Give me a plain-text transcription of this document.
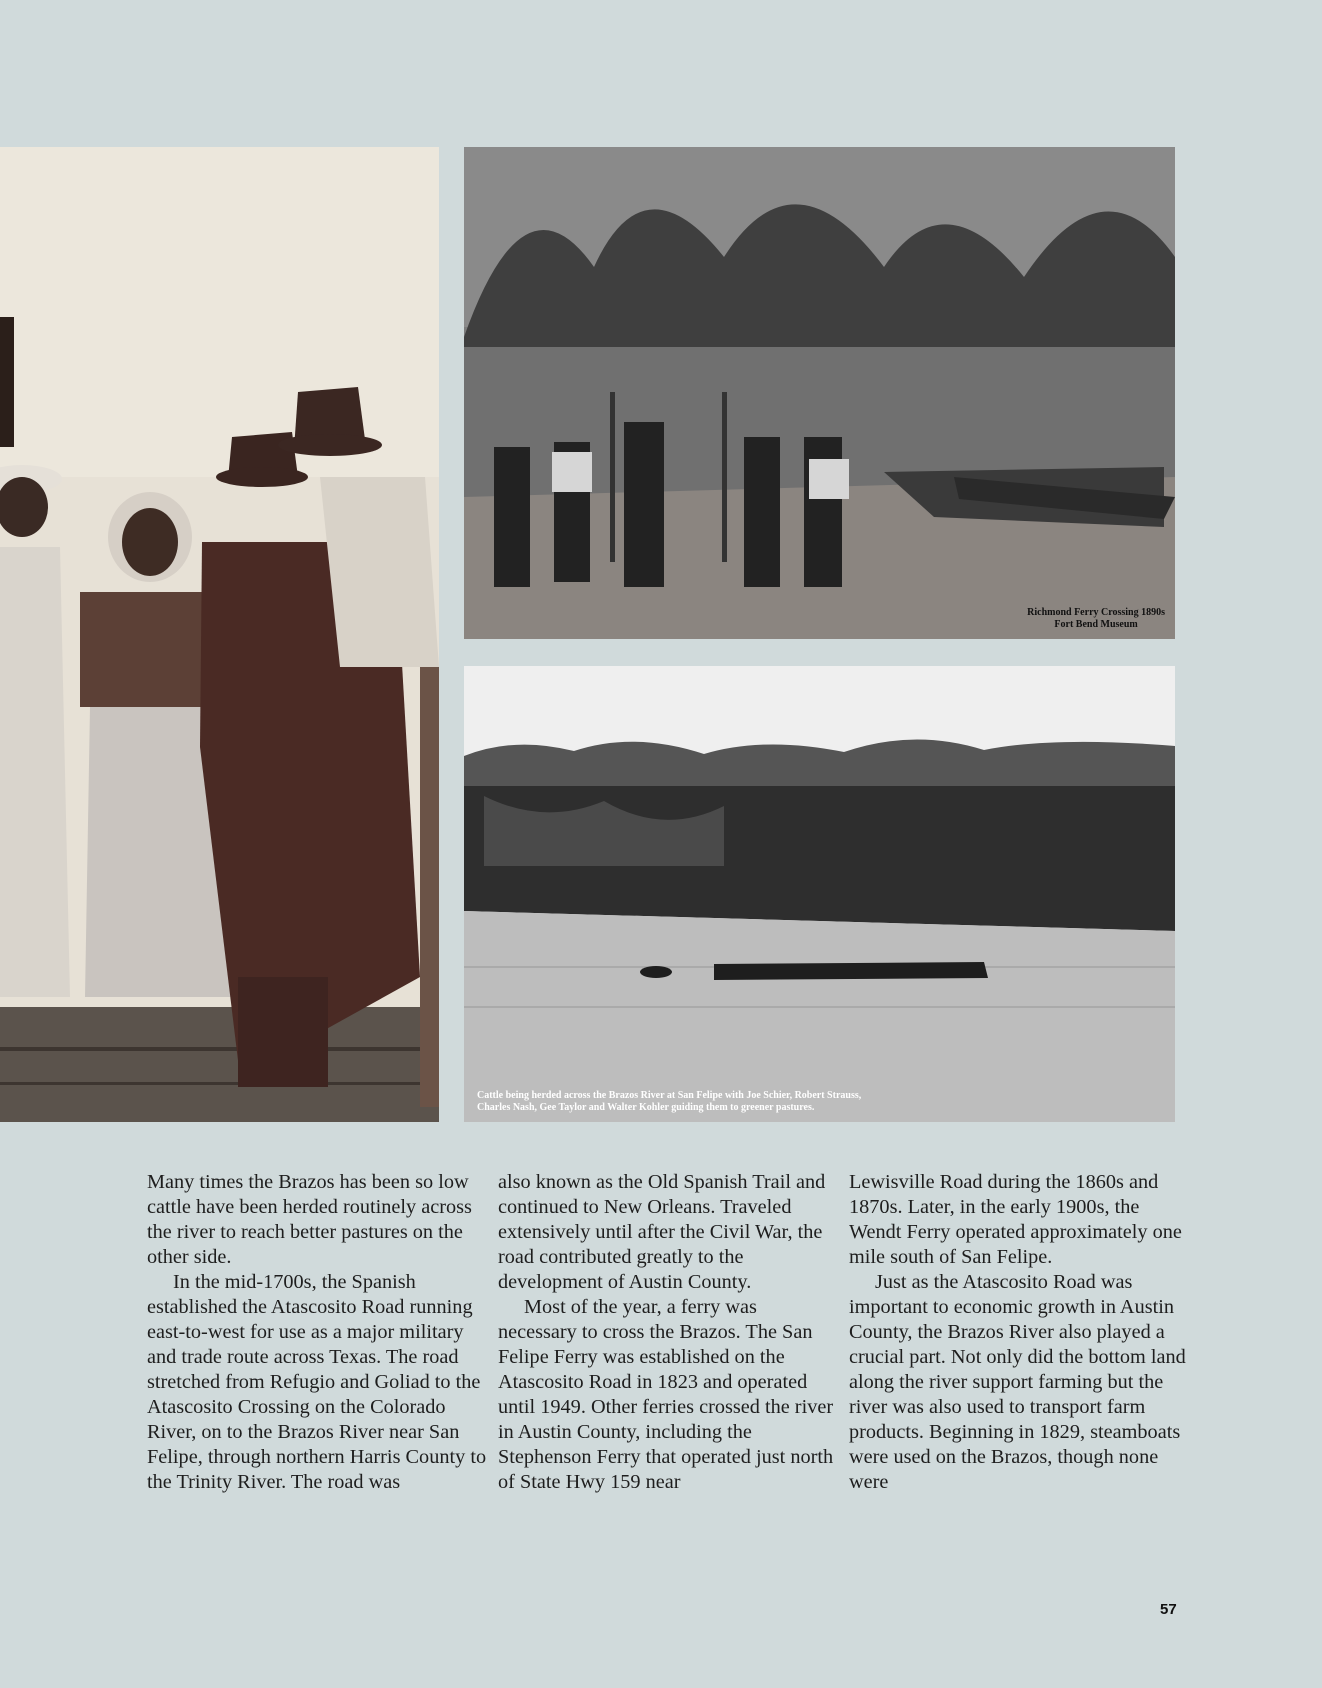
Richmond Ferry Crossing 1890s
Fort Bend Museum
Cattle being herded across the Brazos River at San Felipe with Joe Schier, Robert Strauss,
Charles Nash, Gee Taylor and Walter Kohler guiding them to greener pastures.

Many times the Brazos has been so low cattle have been herded routinely across the river to reach better pastures on the other side.

In the mid-1700s, the Spanish established the Atascosito Road running east-to-west for use as a major military and trade route across Texas. The road stretched from Refugio and Goliad to the Atascosito Crossing on the Colorado River, on to the Brazos River near San Felipe, through northern Harris County to the Trinity River. The road was

also known as the Old Spanish Trail and continued to New Orleans. Traveled extensively until after the Civil War, the road contributed greatly to the development of Austin County.

Most of the year, a ferry was necessary to cross the Brazos. The San Felipe Ferry was established on the Atascosito Road in 1823 and operated until 1949. Other ferries crossed the river in Austin County, including the Stephenson Ferry that operated just north of State Hwy 159 near

Lewisville Road during the 1860s and 1870s. Later, in the early 1900s, the Wendt Ferry operated approximately one mile south of San Felipe.

Just as the Atascosito Road was important to economic growth in Austin County, the Brazos River also played a crucial part. Not only did the bottom land along the river support farming but the river was also used to transport farm products. Beginning in 1829, steamboats were used on the Brazos, though none were

57
